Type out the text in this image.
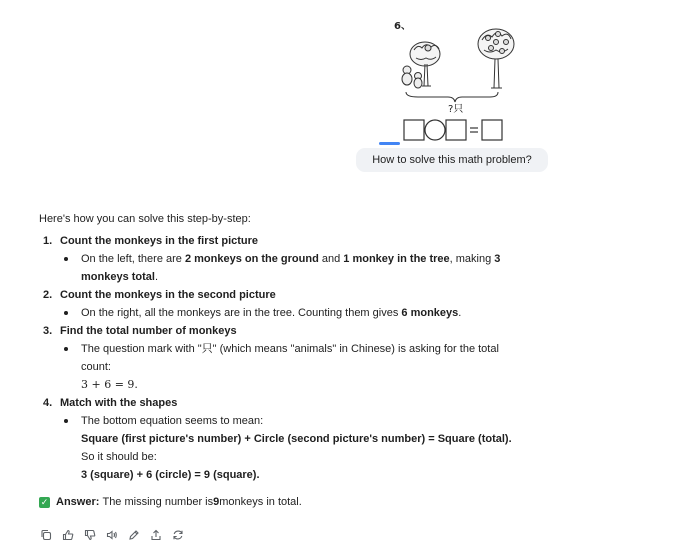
6、
?只
How to solve this math problem?

Here's how you can solve this step-by-step:

1. Count the monkeys in the first picture
On the left, there are 2 monkeys on the ground and 1 monkey in the tree, making 3 monkeys total.
2. Count the monkeys in the second picture
On the right, all the monkeys are in the tree. Counting them gives 6 monkeys.
3. Find the total number of monkeys
The question mark with "只" (which means "animals" in Chinese) is asking for the total count:
3 + 6 = 9.
4. Match with the shapes
The bottom equation seems to mean:
Square (first picture's number) + Circle (second picture's number) = Square (total).
So it should be:
3 (square) + 6 (circle) = 9 (square).
✓ Answer:
The missing number is 9 monkeys in total.
